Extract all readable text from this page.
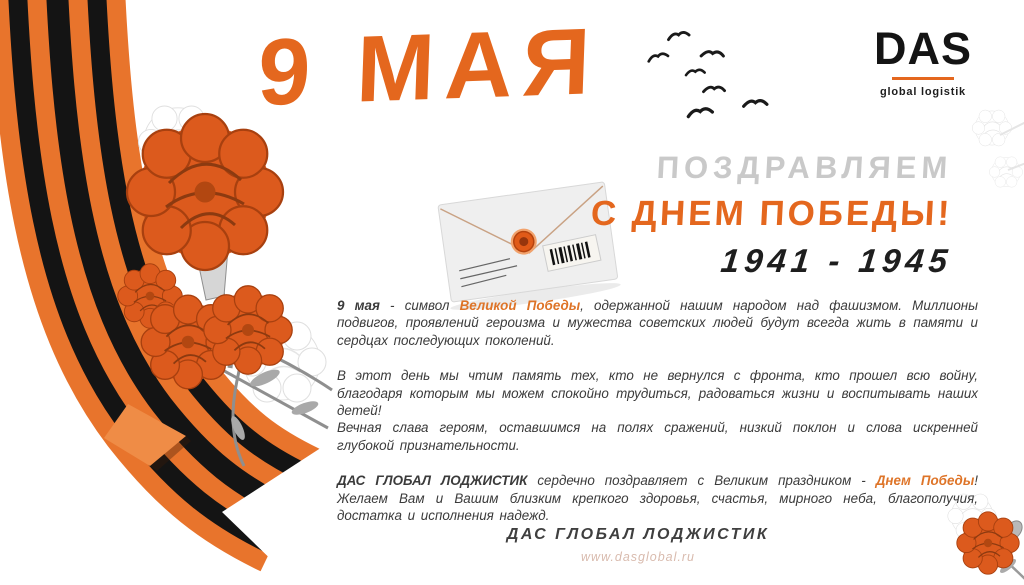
9 МАЯ	DAS
global logistik
ПОЗДРАВЛЯЕМ
С ДНЕМ ПОБЕДЫ!
1941 - 1945

9 мая - символ Великой Победы, одержанной нашим народом над фашизмом. Миллионы подвигов, проявлений героизма и мужества советских людей будут всегда жить в памяти и сердцах последующих поколений.

В этот день мы чтим память тех, кто не вернулся с фронта, кто прошел всю войну, благодаря которым мы можем спокойно трудиться, радоваться жизни и воспитывать наших детей!
Вечная слава героям, оставшимся на полях сражений, низкий поклон и слова искренней глубокой признательности.

ДАС ГЛОБАЛ ЛОДЖИСТИК сердечно поздравляет с Великим праздником - Днем Победы! Желаем Вам и Вашим близким крепкого здоровья, счастья, мирного неба, благополучия, достатка и исполнения надежд.

ДАС ГЛОБАЛ ЛОДЖИСТИК
www.dasglobal.ru
